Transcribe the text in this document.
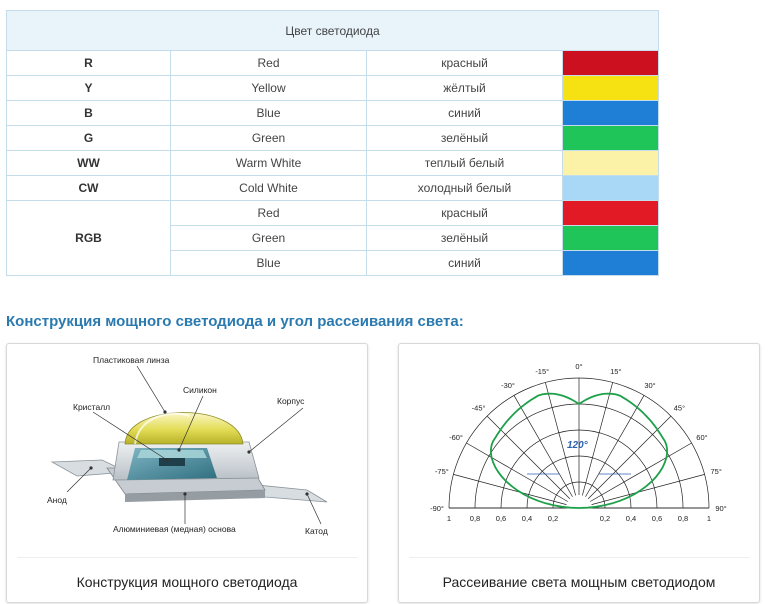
Цвет светодиода			
R	Red	красный	

Y	Yellow	жёлтый	

B	Blue	синий	

G	Green	зелёный	

WW	Warm White	теплый белый	

CW	Cold White	холодный белый	

RGB	Red	красный	

	Green	зелёный	

	Blue	синий	
Конструкция мощного светодиода и угол рассеивания света:
Пластиковая линза
Силикон
Кристалл
Корпус
Анод
Алюминиевая (медная) основа	Катод
Конструкция мощного светодиода
-90°
-75°
-60°
-45°
-30°
-15°
0°
15°
30°
45°
60°
75°
90°
1 0,8 0,6 0,4 0,2	0,2 0,4 0,6 0,8 1
120°
Рассеивание света мощным светодиодом
